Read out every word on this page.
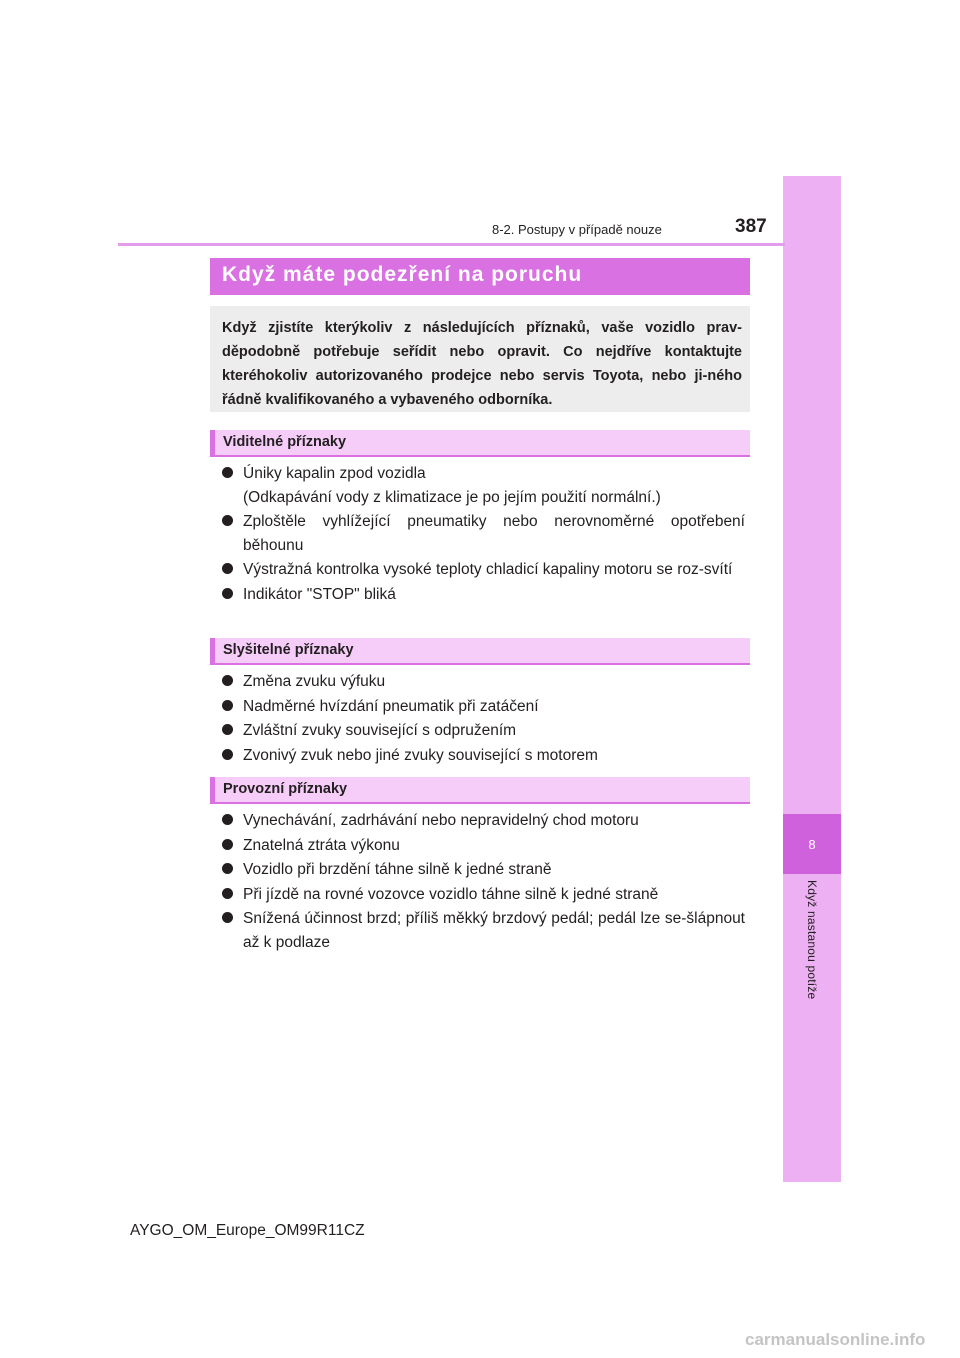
8
Když nastanou potíže
8-2. Postupy v případě nouze	387
Když máte podezření na poruchu
Když zjistíte kterýkoliv z následujících příznaků, vaše vozidlo prav-děpodobně potřebuje seřídit nebo opravit. Co nejdříve kontaktujte kteréhokoliv autorizovaného prodejce nebo servis Toyota, nebo ji-ného řádně kvalifikovaného a vybaveného odborníka.
Viditelné příznaky
Úniky kapalin zpod vozidla
(Odkapávání vody z klimatizace je po jejím použití normální.)
Zploštěle vyhlížející pneumatiky nebo nerovnoměrné opotřebení běhounu
Výstražná kontrolka vysoké teploty chladicí kapaliny motoru se roz-svítí
Indikátor "STOP" bliká
Slyšitelné příznaky
Změna zvuku výfuku
Nadměrné hvízdání pneumatik při zatáčení
Zvláštní zvuky související s odpružením
Zvonivý zvuk nebo jiné zvuky související s motorem
Provozní příznaky
Vynechávání, zadrhávání nebo nepravidelný chod motoru
Znatelná ztráta výkonu
Vozidlo při brzdění táhne silně k jedné straně
Při jízdě na rovné vozovce vozidlo táhne silně k jedné straně
Snížená účinnost brzd; příliš měkký brzdový pedál; pedál lze se-šlápnout až k podlaze
AYGO_OM_Europe_OM99R11CZ
carmanualsonline.info
